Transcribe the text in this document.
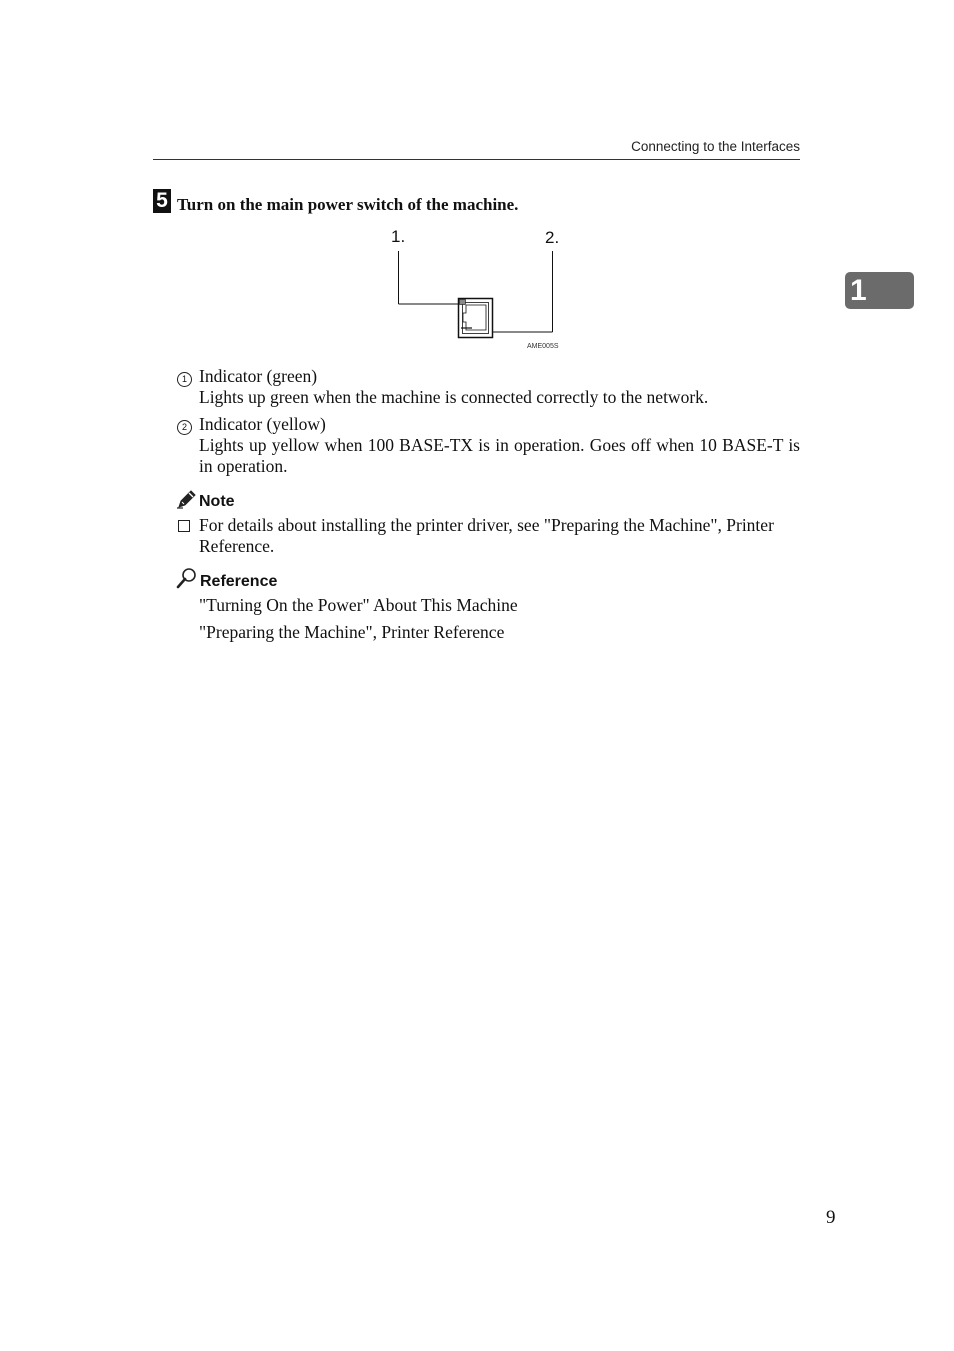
Connecting to the Interfaces
5 Turn on the main power switch of the machine.
1
1.	2.
AME005S
1 Indicator (green)
Lights up green when the machine is connected correctly to the network.
2 Indicator (yellow)
Lights up yellow when 100 BASE-TX is in operation. Goes off when 10 BASE-T is in operation.
Note
For details about installing the printer driver, see "Preparing the Machine", Printer Reference.
Reference
"Turning On the Power" About This Machine
"Preparing the Machine", Printer Reference
9
